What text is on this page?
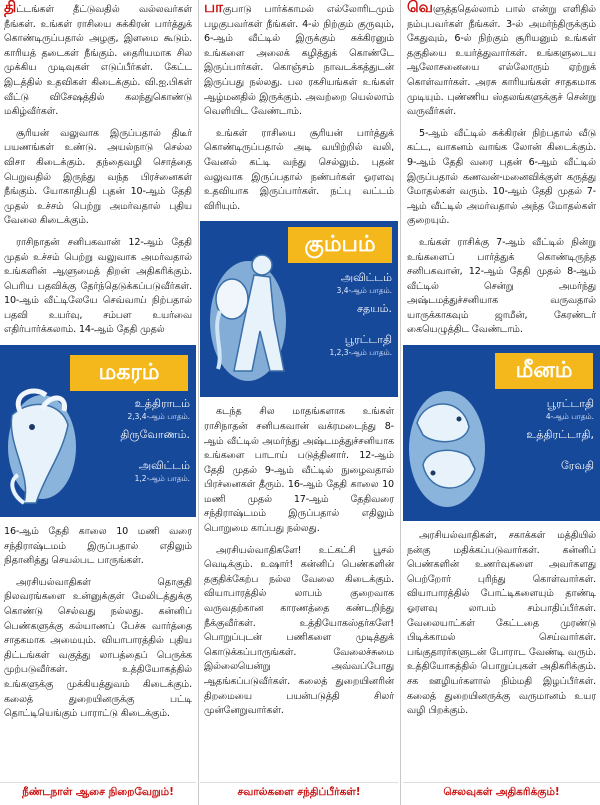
திட்டங்கள் தீட்டுவதில் வல்லவர்கள் நீங்கள். உங்கள் ராசியை சுக்கிரன் பார்த்துக் கொண்டிருப்பதால் அழகு, இளமை கூடும். காரியத் தடைகள் நீங்கும். தைரியமாக சில முக்கிய முடிவுகள் எடுப்பீர்கள். கேட்ட இடத்தில் உதவிகள் கிடைக்கும். வி.ஐ.பிகள் வீட்டு விசேஷத்தில் கலந்துகொண்டு மகிழ்வீர்கள்.

சூரியன் வலுவாக இருப்பதால் திடீர் பயணங்கள் உண்டு. அயல்நாடு செல்ல விசா கிடைக்கும். தந்தைவழி சொத்தை பெறுவதில் இருந்து வந்த பிரச்னைகள் நீங்கும். யோகாதிபதி புதன் 10-ஆம் தேதி முதல் உச்சம் பெற்று அமர்வதால் புதிய வேலை கிடைக்கும்.

ராசிநாதன் சனிபகவான் 12-ஆம் தேதி முதல் உச்சம் பெற்று வலுவாக அமர்வதால் உங்களின் ஆளுமைத் திறன் அதிகரிக்கும். பெரிய பதவிக்கு தேர்ந்தெடுக்கப்படுவீர்கள். 10-ஆம் வீட்டிலேயே செவ்வாய் நிற்பதால் பதவி உயர்வு, சம்பள உயர்வை எதிர்பார்க்கலாம். 14-ஆம் தேதி முதல்

மகரம்
உத்திராடம்
2,3,4-ஆம் பாதம்.
திருவோணம்.

அவிட்டம்
1,2-ஆம் பாதம்.

16-ஆம் தேதி காலை 10 மணி வரை சந்திராஷ்டமம் இருப்பதால் எதிலும் நிதானித்து செயல்பட பாருங்கள்.

அரசியல்வாதிகள் தொகுதி நிலவரங்களை உன்னுக்குள் மேலிடத்துக்கு கொண்டு செல்வது நல்லது. கன்னிப் பெண்களுக்கு கல்யாணப் பேச்சு வார்த்தை சாதகமாக அமையும். வியாபாரத்தில் புதிய திட்டங்கள் வகுத்து லாபத்தைப் பெருக்க முற்படுவீர்கள். உத்தியோகத்தில் உங்களுக்கு முக்கியத்துவம் கிடைக்கும். கலைத் துறையினருக்கு பட்டி தொட்டியெங்கும் பாராட்டு கிடைக்கும்.

நீண்டநாள் ஆசை நிறைவேறும்!

பாகுபாடு பார்க்காமல் எல்லோரிடமும் பழகுபவர்கள் நீங்கள். 4-ல் நிற்கும் குருவும், 6-ஆம் வீட்டில் இருக்கும் சுக்கிரனும் உங்களை அலைக் கழித்துக் கொண்டே இருப்பார்கள். கொஞ்சம் நாவடக்கத்துடன் இருப்பது நல்லது. பல ரகசியங்கள் உங்கள் ஆழ்மனதில் இருக்கும். அவற்றை யெல்லாம் வெளியிட வேண்டாம்.

உங்கள் ராசியை சூரியன் பார்த்துக் கொண்டிருப்பதால் அடி வயிற்றில் வலி, வேனல் கட்டி வந்து செல்லும். புதன் வலுவாக இருப்பதால் நண்பர்கள் ஓரளவு உதவியாக இருப்பார்கள். நட்பு வட்டம் விரியும்.

கும்பம்
அவிட்டம்
3,4-ஆம் பாதம்.
சதயம்.

பூரட்டாதி
1,2,3-ஆம் பாதம்.

கடந்த சில மாதங்களாக உங்கள் ராசிநாதன் சனிபகவான் வக்ரமடைந்து 8-ஆம் வீட்டில் அமர்ந்து அஷ்டமத்துச்சனியாக உங்களை பாடாய் படுத்தினார். 12-ஆம் தேதி முதல் 9-ஆம் வீட்டில் நுழைவதால் பிரச்னைகள் தீரும். 16-ஆம் தேதி காலை 10 மணி முதல் 17-ஆம் தேதிவரை சந்திராஷ்டமம் இருப்பதால் எதிலும் பொறுமை காப்பது நல்லது.

அரசியல்வாதிகளே! உட்கட்சி பூசல் வெடிக்கும். உஷார்! கன்னிப் பெண்களின் தகுதிக்கேற்ப நல்ல வேலை கிடைக்கும். வியாபாரத்தில் லாபம் குறைவாக வருவதற்கான காரணத்தை கண்டறிந்து நீக்குவீர்கள். உத்தியோகஸ்தர்களே! பொறுப்புடன் பணிகளை முடித்துக் கொடுக்கப்பாருங்கள். வேலைச்சுமை இல்லையென்று அவ்வப்போது ஆதங்கப்படுவீர்கள். கலைத் துறையினரின் திறமையை பயன்படுத்தி சிலர் முன்னேறுவார்கள்.

சவால்களை சந்திப்பீர்கள்!

வெளுத்ததெல்லாம் பால் என்று எளிதில் நம்புபவர்கள் நீங்கள். 3-ல் அமர்ந்திருக்கும் கேதுவும், 6-ல் நிற்கும் சூரியனும் உங்கள் தகுதியை உயர்த்துவார்கள். உங்களுடைய ஆலோசனையை எல்லோரும் ஏற்றுக் கொள்வார்கள். அரசு காரியங்கள் சாதகமாக முடியும். புண்ணிய ஸ்தலங்களுக்குச் சென்று வருவீர்கள்.

5-ஆம் வீட்டில் சுக்கிரன் நிற்பதால் வீடு கட்ட, வாகனம் வாங்க லோன் கிடைக்கும். 9-ஆம் தேதி வரை புதன் 6-ஆம் வீட்டில் இருப்பதால் கணவன்-மனைவிக்குள் கருத்து மோதல்கள் வரும். 10-ஆம் தேதி முதல் 7-ஆம் வீட்டில் அமர்வதால் அந்த மோதல்கள் குறையும்.

உங்கள் ராசிக்கு 7-ஆம் வீட்டில் நின்று உங்களைப் பார்த்துக் கொண்டிருந்த சனிபகவான், 12-ஆம் தேதி முதல் 8-ஆம் வீட்டில் சென்று அமர்ந்து அஷ்டமத்துச்சனியாக வருவதால் யாருக்காகவும் ஜாமீன், கேரண்டர் கையெழுத்திட வேண்டாம்.

மீனம்
பூரட்டாதி
4-ஆம் பாதம்.
உத்திரட்டாதி,

ரேவதி

அரசியல்வாதிகள், சகாக்கள் மத்தியில் நன்கு மதிக்கப்படுவார்கள். கன்னிப் பெண்களின் உணர்வுகளை அவர்களது பெற்றோர் புரிந்து கொள்வார்கள். வியாபாரத்தில் போட்டிகளையும் தாண்டி ஓரளவு லாபம் சம்பாதிப்பீர்கள். வேலையாட்கள் கேட்டதை முரண்டு பிடிக்காமல் செய்வார்கள். பங்குதாரர்களுடன் போராட வேண்டி வரும். உத்தியோகத்தில் பொறுப்புகள் அதிகரிக்கும். சக ஊழியர்களால் நிம்மதி இழப்பீர்கள். கலைத் துறையினருக்கு வருமானம் உயர வழி பிறக்கும்.

செலவுகள் அதிகரிக்கும்!
